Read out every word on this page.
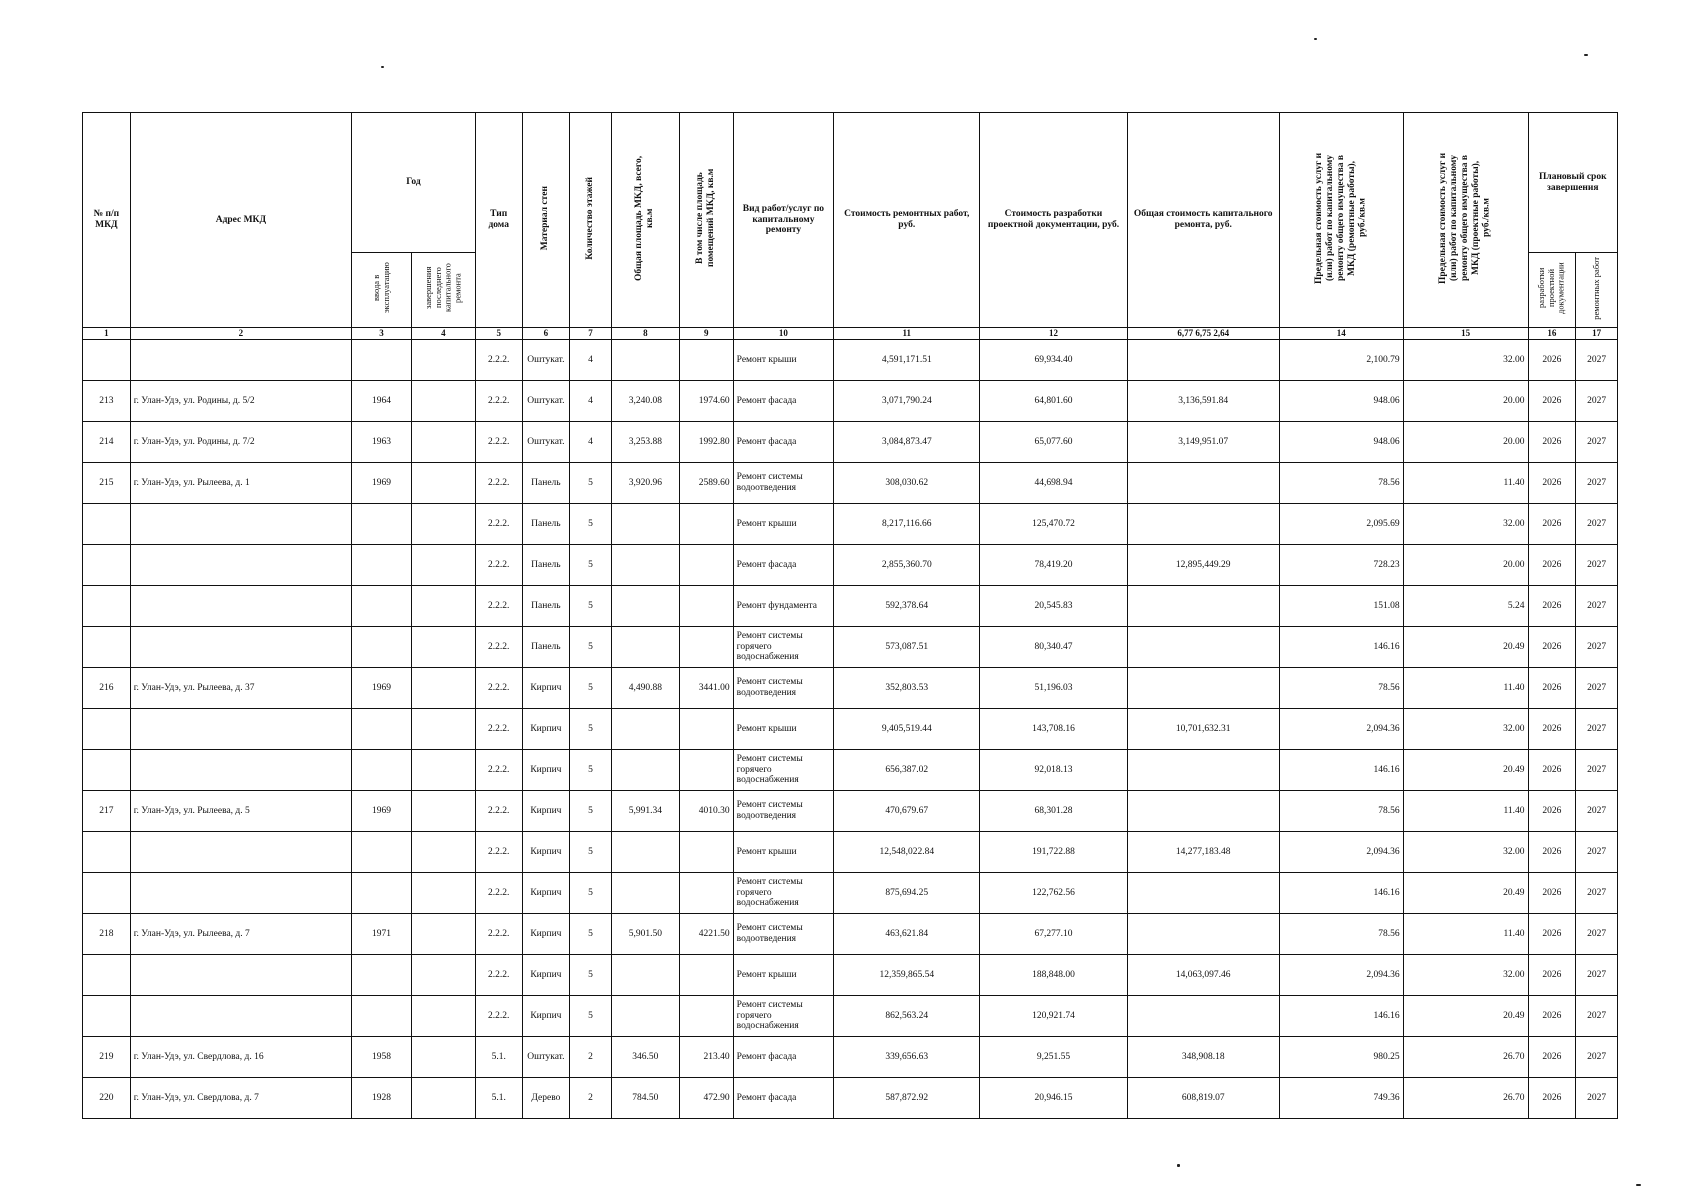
№ п/п МКД	Адрес МКД	Год		Тип дома	Материал стен	Количество этажей	Общая площадь МКД, всего, кв.м	В том числе площадь помещений МКД, кв.м	Вид работ/услуг по капитальному ремонту	Стоимость ремонтных работ, руб.	Стоимость разработки проектной документации, руб.	Общая стоимость капитального ремонта, руб.	Предельная стоимость услуг и (или) работ по капитальному ремонту общего имущества в МКД (ремонтные работы), руб./кв.м	Предельная стоимость услуг и (или) работ по капитальному ремонту общего имущества в МКД (проектные работы), руб./кв.м	Плановый срок завершения	
		ввода в эксплуатацию	завершения последнего капитального ремонта												разработки проектной документации	ремонтных работ
1	2	3	4	5	6	7	8	9	10	11	12	6,77 6,75 2,64	14	15	16	17
				2.2.2.	Оштукат.	4			Ремонт крыши	4,591,171.51	69,934.40		2,100.79	32.00	2026	2027
213	г. Улан-Удэ, ул. Родины, д. 5/2	1964		2.2.2.	Оштукат.	4	3,240.08	1974.60	Ремонт фасада	3,071,790.24	64,801.60	3,136,591.84	948.06	20.00	2026	2027
214	г. Улан-Удэ, ул. Родины, д. 7/2	1963		2.2.2.	Оштукат.	4	3,253.88	1992.80	Ремонт фасада	3,084,873.47	65,077.60	3,149,951.07	948.06	20.00	2026	2027
215	г. Улан-Удэ, ул. Рылеева, д. 1	1969		2.2.2.	Панель	5	3,920.96	2589.60	Ремонт системы водоотведения	308,030.62	44,698.94		78.56	11.40	2026	2027
				2.2.2.	Панель	5			Ремонт крыши	8,217,116.66	125,470.72		2,095.69	32.00	2026	2027
				2.2.2.	Панель	5			Ремонт фасада	2,855,360.70	78,419.20	12,895,449.29	728.23	20.00	2026	2027
				2.2.2.	Панель	5			Ремонт фундамента	592,378.64	20,545.83		151.08	5.24	2026	2027
				2.2.2.	Панель	5			Ремонт системы горячего водоснабжения	573,087.51	80,340.47		146.16	20.49	2026	2027
216	г. Улан-Удэ, ул. Рылеева, д. 37	1969		2.2.2.	Кирпич	5	4,490.88	3441.00	Ремонт системы водоотведения	352,803.53	51,196.03		78.56	11.40	2026	2027
				2.2.2.	Кирпич	5			Ремонт крыши	9,405,519.44	143,708.16	10,701,632.31	2,094.36	32.00	2026	2027
				2.2.2.	Кирпич	5			Ремонт системы горячего водоснабжения	656,387.02	92,018.13		146.16	20.49	2026	2027
217	г. Улан-Удэ, ул. Рылеева, д. 5	1969		2.2.2.	Кирпич	5	5,991.34	4010.30	Ремонт системы водоотведения	470,679.67	68,301.28		78.56	11.40	2026	2027
				2.2.2.	Кирпич	5			Ремонт крыши	12,548,022.84	191,722.88	14,277,183.48	2,094.36	32.00	2026	2027
				2.2.2.	Кирпич	5			Ремонт системы горячего водоснабжения	875,694.25	122,762.56		146.16	20.49	2026	2027
218	г. Улан-Удэ, ул. Рылеева, д. 7	1971		2.2.2.	Кирпич	5	5,901.50	4221.50	Ремонт системы водоотведения	463,621.84	67,277.10		78.56	11.40	2026	2027
				2.2.2.	Кирпич	5			Ремонт крыши	12,359,865.54	188,848.00	14,063,097.46	2,094.36	32.00	2026	2027
				2.2.2.	Кирпич	5			Ремонт системы горячего водоснабжения	862,563.24	120,921.74		146.16	20.49	2026	2027
219	г. Улан-Удэ, ул. Свердлова, д. 16	1958		5.1.	Оштукат.	2	346.50	213.40	Ремонт фасада	339,656.63	9,251.55	348,908.18	980.25	26.70	2026	2027
220	г. Улан-Удэ, ул. Свердлова, д. 7	1928		5.1.	Дерево	2	784.50	472.90	Ремонт фасада	587,872.92	20,946.15	608,819.07	749.36	26.70	2026	2027
